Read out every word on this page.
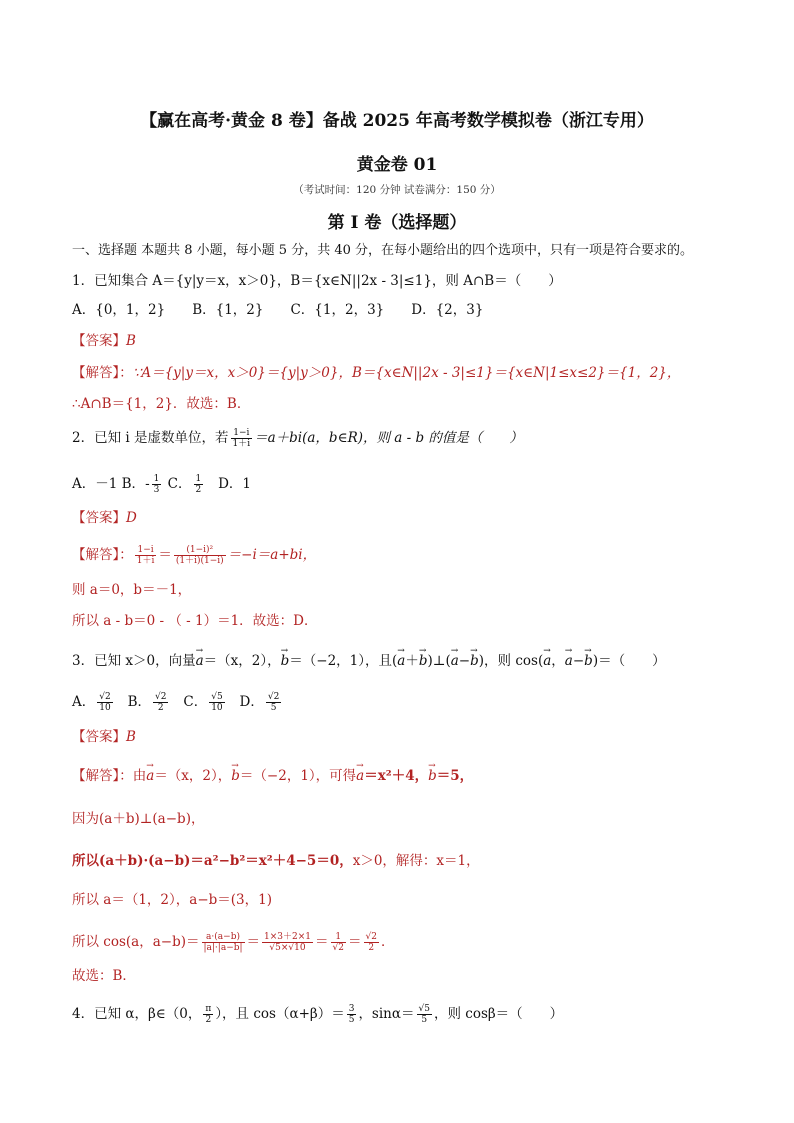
【赢在高考·黄金 8 卷】备战 2025 年高考数学模拟卷（浙江专用）
黄金卷 01
（考试时间：120 分钟 试卷满分：150 分）
第 I 卷（选择题）
一、选择题 本题共 8 小题，每小题 5 分，共 40 分，在每小题给出的四个选项中，只有一项是符合要求的。
1．已知集合 A＝{y|y＝x，x＞0}，B＝{x∈N||2x - 3|≤1}，则 A∩B＝（　　）
A．{0，1，2}　　B．{1，2}　　C．{1，2，3}　　D．{2，3}
【答案】B
【解答】：∵A＝{y|y＝x，x＞0}＝{y|y＞0}，B＝{x∈N||2x - 3|≤1}＝{x∈N|1≤x≤2}＝{1，2}，
∴A∩B＝{1，2}．故选：B．
2．已知 i 是虚数单位，若 $\frac{1-i}{1+i} =a+bi(a$，b∈R)，则 a - b 的值是（　　）
A．－1 B．- $\frac{1}{3}$ C． $\frac{1}{2}$ D．1
【答案】D
【解答】： $\frac{1-i}{1+i} = \frac{\text{(1−i)²}}{(1+i)(1-i)} =-i=a+bi$，
则 a＝0，b＝－1，
所以 a - b＝0 - （ - 1）＝1．故选：D．
3．已知 x＞0，向量→ a＝（x，2），→ b＝（−2，1），且(→ a＋→ b)⊥(→ a−→ b)，则 cos(→ a，→ a−→ b)＝（　　）
A． $\frac{√2}{10}$ B． $\frac{√2}{2}$ C． $\frac{√5}{10}$ D． $\frac{√2}{5}$
【答案】B
【解答】：由→ a＝（x，2），→ b＝（−2，1），可得→ a＝x²＋4，→ b＝5，
因为(a＋b)⊥(a−b)，
所以(a＋b)·(a−b)＝a²−b²＝x²＋4−5＝0，x＞0，解得：x＝1，
所以 a＝（1，2），a−b＝(3，1)
所以 cos(a，$a-b)= \frac{a\cdot(a-b)}{|a|\cdot|a-b|} = \frac{1\times 3+2\times 1}{√5\times√10} = \frac{1}{√2} = \frac{√2}{2}$ ．
故选：B．
4．已知 α，β∈（0， $\frac{\pi}{2}$ ），且 $\cos(\alpha+\beta)= \frac{3}{5}$ ，$\sin\alpha= \frac{√5}{5}$ ，则 cosβ＝（　　）
